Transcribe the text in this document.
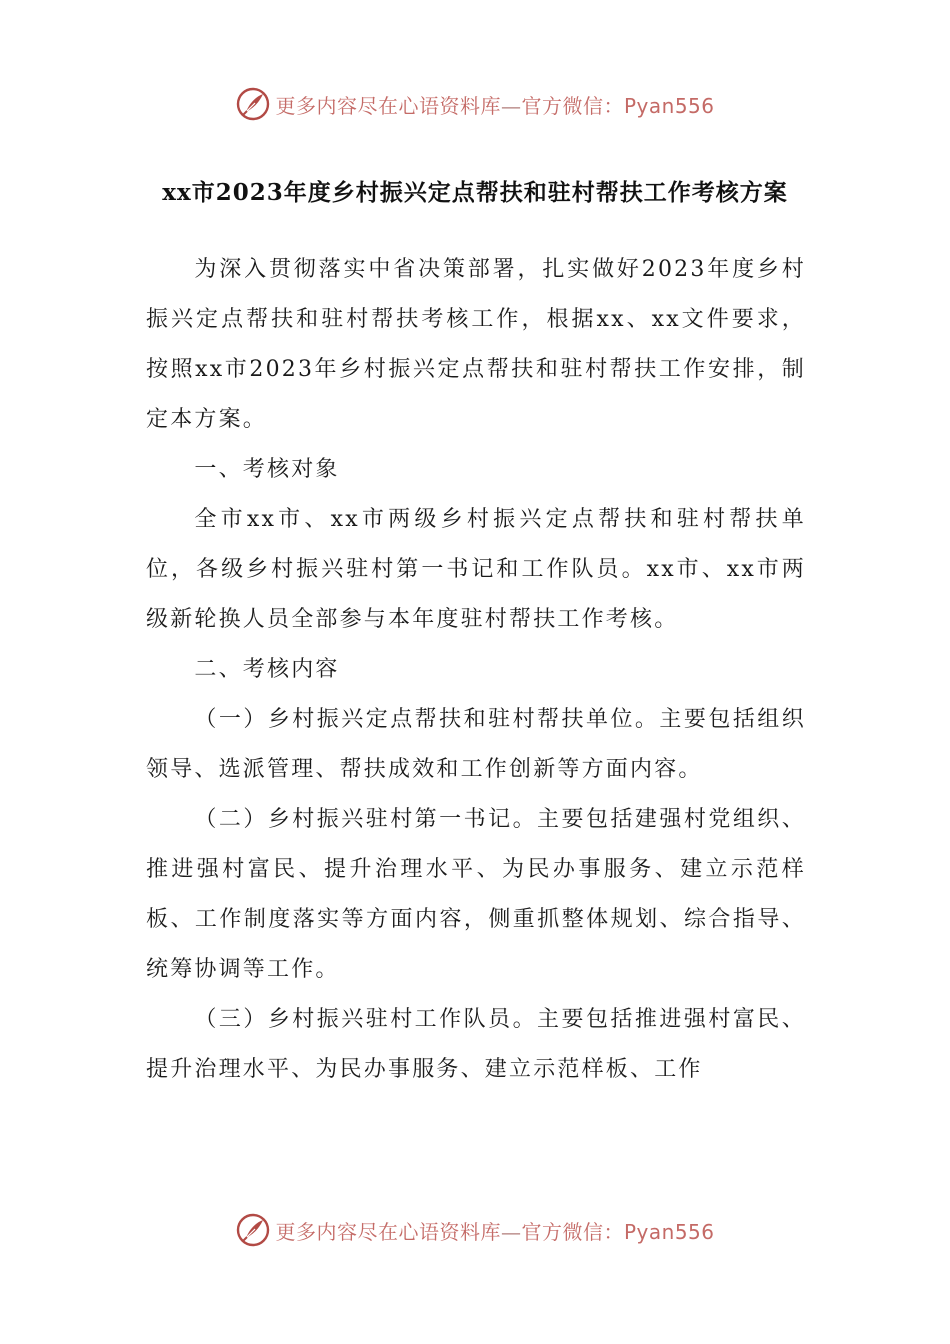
更多内容尽在心语资料库—官方微信：Pyan556
xx市2023年度乡村振兴定点帮扶和驻村帮扶工作考核方案

为深入贯彻落实中省决策部署，扎实做好2023年度乡村振兴定点帮扶和驻村帮扶考核工作，根据xx、xx文件要求，按照xx市2023年乡村振兴定点帮扶和驻村帮扶工作安排，制定本方案。

一、考核对象

全市xx市、xx市两级乡村振兴定点帮扶和驻村帮扶单位，各级乡村振兴驻村第一书记和工作队员。xx市、xx市两级新轮换人员全部参与本年度驻村帮扶工作考核。

二、考核内容

（一）乡村振兴定点帮扶和驻村帮扶单位。主要包括组织领导、选派管理、帮扶成效和工作创新等方面内容。

（二）乡村振兴驻村第一书记。主要包括建强村党组织、推进强村富民、提升治理水平、为民办事服务、建立示范样板、工作制度落实等方面内容，侧重抓整体规划、综合指导、统筹协调等工作。

（三）乡村振兴驻村工作队员。主要包括推进强村富民、提升治理水平、为民办事服务、建立示范样板、工作

更多内容尽在心语资料库—官方微信：Pyan556
